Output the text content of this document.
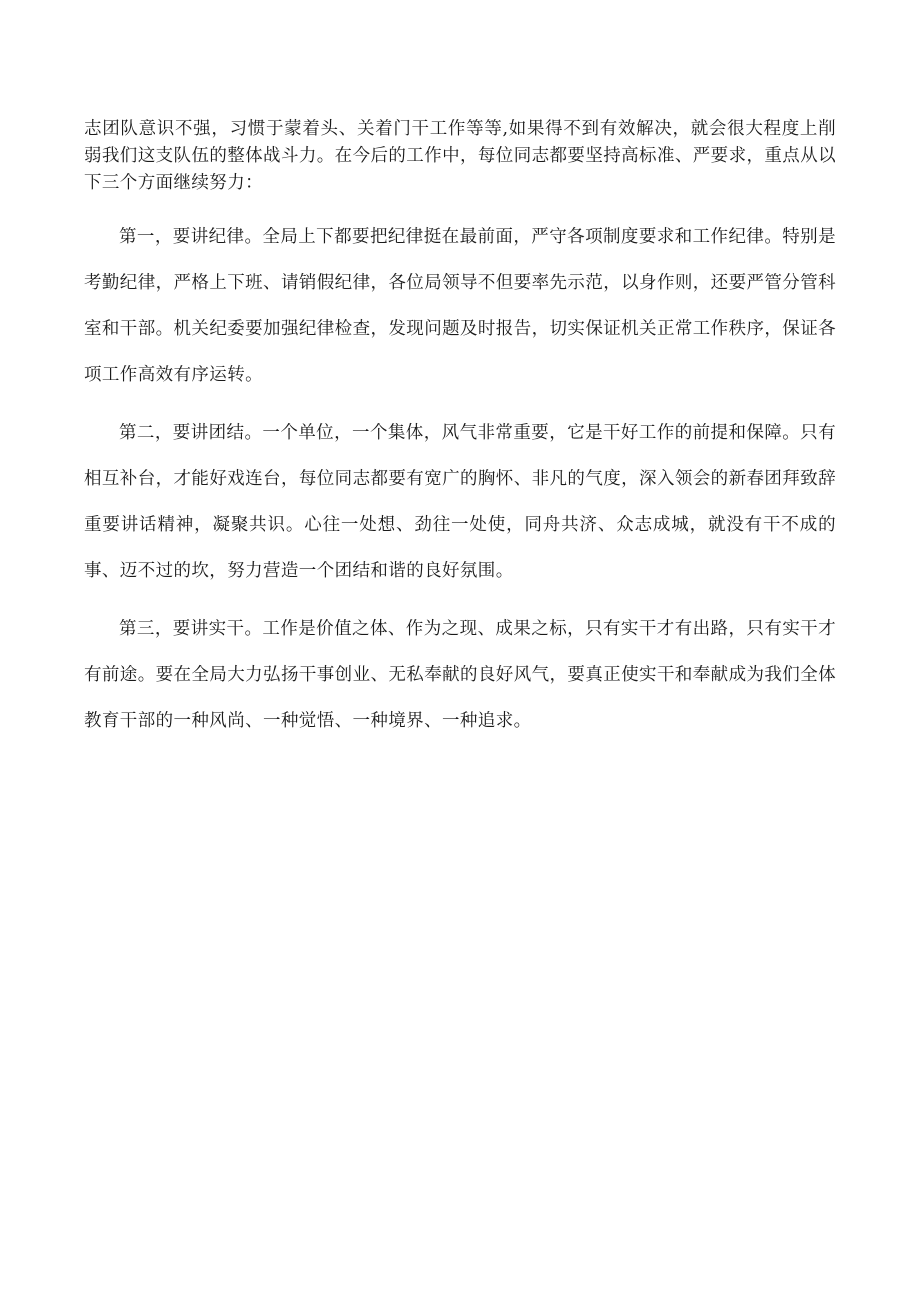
志团队意识不强，习惯于蒙着头、关着门干工作等等,如果得不到有效解决，就会很大程度上削弱我们这支队伍的整体战斗力。在今后的工作中，每位同志都要坚持高标准、严要求，重点从以下三个方面继续努力：

第一，要讲纪律。全局上下都要把纪律挺在最前面，严守各项制度要求和工作纪律。特别是考勤纪律，严格上下班、请销假纪律，各位局领导不但要率先示范，以身作则，还要严管分管科室和干部。机关纪委要加强纪律检查，发现问题及时报告，切实保证机关正常工作秩序，保证各项工作高效有序运转。

第二，要讲团结。一个单位，一个集体，风气非常重要，它是干好工作的前提和保障。只有相互补台，才能好戏连台，每位同志都要有宽广的胸怀、非凡的气度，深入领会的新春团拜致辞重要讲话精神，凝聚共识。心往一处想、劲往一处使，同舟共济、众志成城，就没有干不成的事、迈不过的坎，努力营造一个团结和谐的良好氛围。

第三，要讲实干。工作是价值之体、作为之现、成果之标，只有实干才有出路，只有实干才有前途。要在全局大力弘扬干事创业、无私奉献的良好风气，要真正使实干和奉献成为我们全体教育干部的一种风尚、一种觉悟、一种境界、一种追求。
